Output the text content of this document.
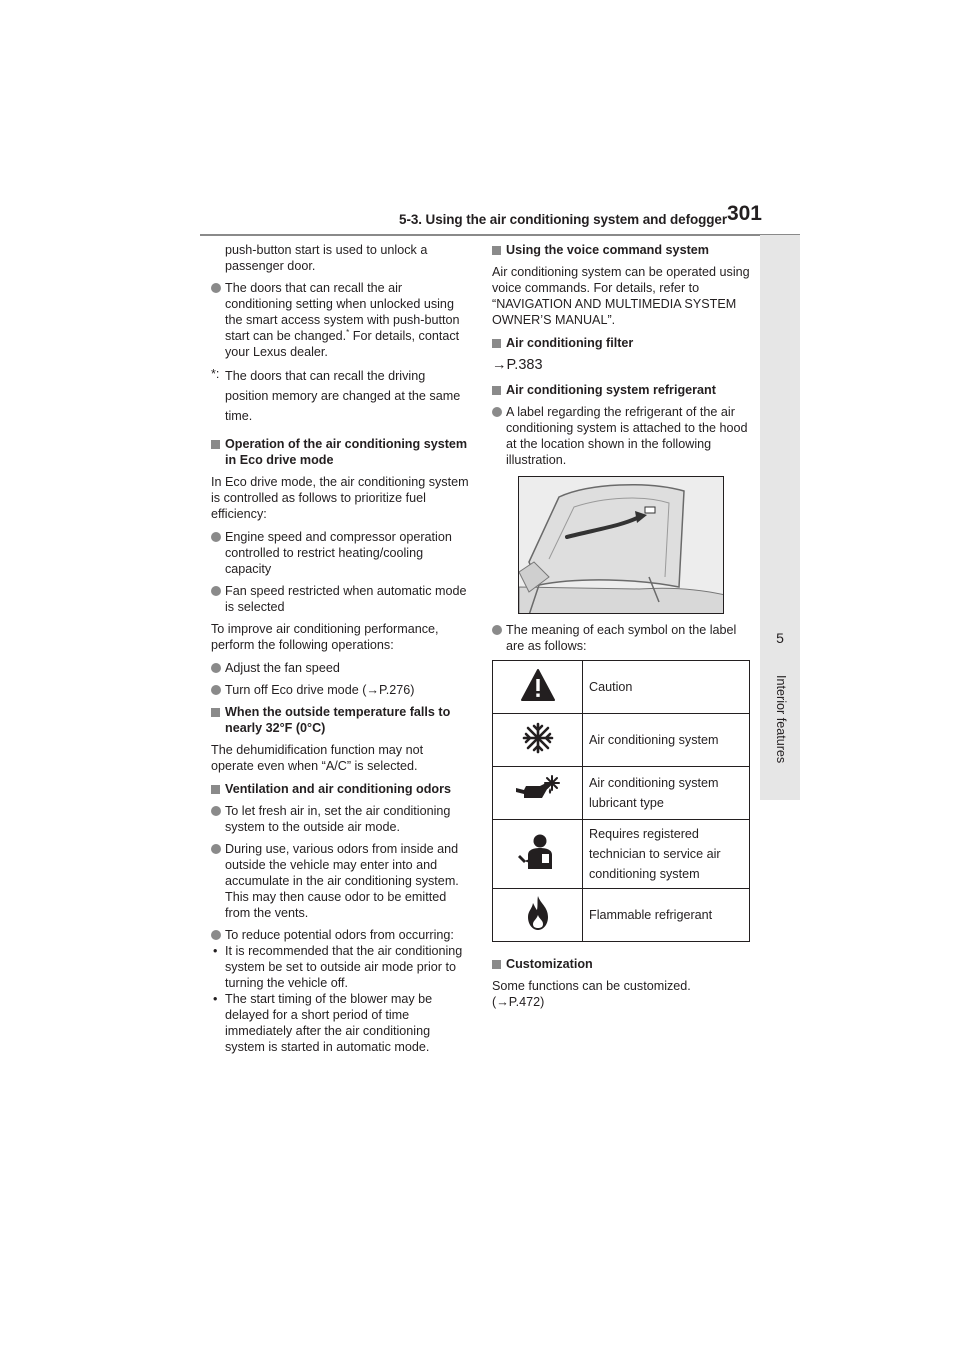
5-3. Using the air conditioning system and defogger 301
5
Interior features

push-button start is used to unlock a passenger door.

The doors that can recall the air conditioning setting when unlocked using the smart access system with push-button start can be changed.* For details, contact your Lexus dealer.

*: The doors that can recall the driving position memory are changed at the same time.

Operation of the air conditioning system in Eco drive mode

In Eco drive mode, the air conditioning system is controlled as follows to prioritize fuel efficiency:

Engine speed and compressor operation controlled to restrict heating/cooling capacity

Fan speed restricted when automatic mode is selected

To improve air conditioning performance, perform the following operations:

Adjust the fan speed

Turn off Eco drive mode (→P.276)

When the outside temperature falls to nearly 32°F (0°C)

The dehumidification function may not operate even when “A/C” is selected.

Ventilation and air conditioning odors

To let fresh air in, set the air conditioning system to the outside air mode.

During use, various odors from inside and outside the vehicle may enter into and accumulate in the air conditioning system. This may then cause odor to be emitted from the vents.

To reduce potential odors from occurring:

• It is recommended that the air conditioning system be set to outside air mode prior to turning the vehicle off.

• The start timing of the blower may be delayed for a short period of time immediately after the air conditioning system is started in automatic mode.

Using the voice command system

Air conditioning system can be operated using voice commands. For details, refer to “NAVIGATION AND MULTIMEDIA SYSTEM OWNER’S MANUAL”.

Air conditioning filter

→P.383

Air conditioning system refrigerant

A label regarding the refrigerant of the air conditioning system is attached to the hood at the location shown in the following illustration.

The meaning of each symbol on the label are as follows:

	Caution
	Air conditioning system
	Air conditioning system lubricant type
	Requires registered technician to service air conditioning system
	Flammable refrigerant

Customization

Some functions can be customized.
(→P.472)
